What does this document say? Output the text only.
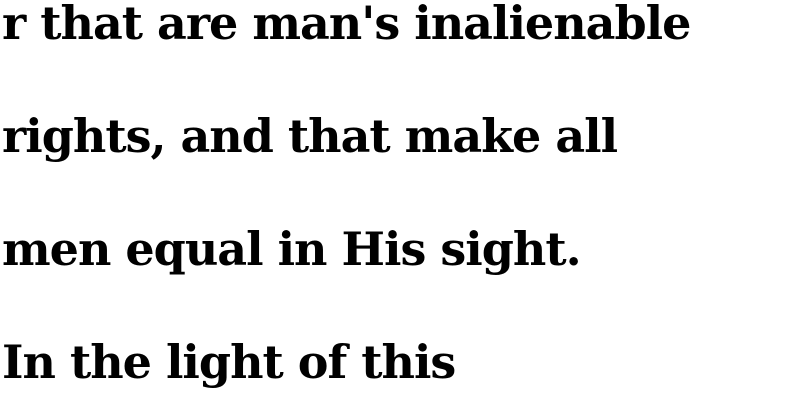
r that are man's inalienable

rights, and that make all

men equal in His sight.

In the light of this
